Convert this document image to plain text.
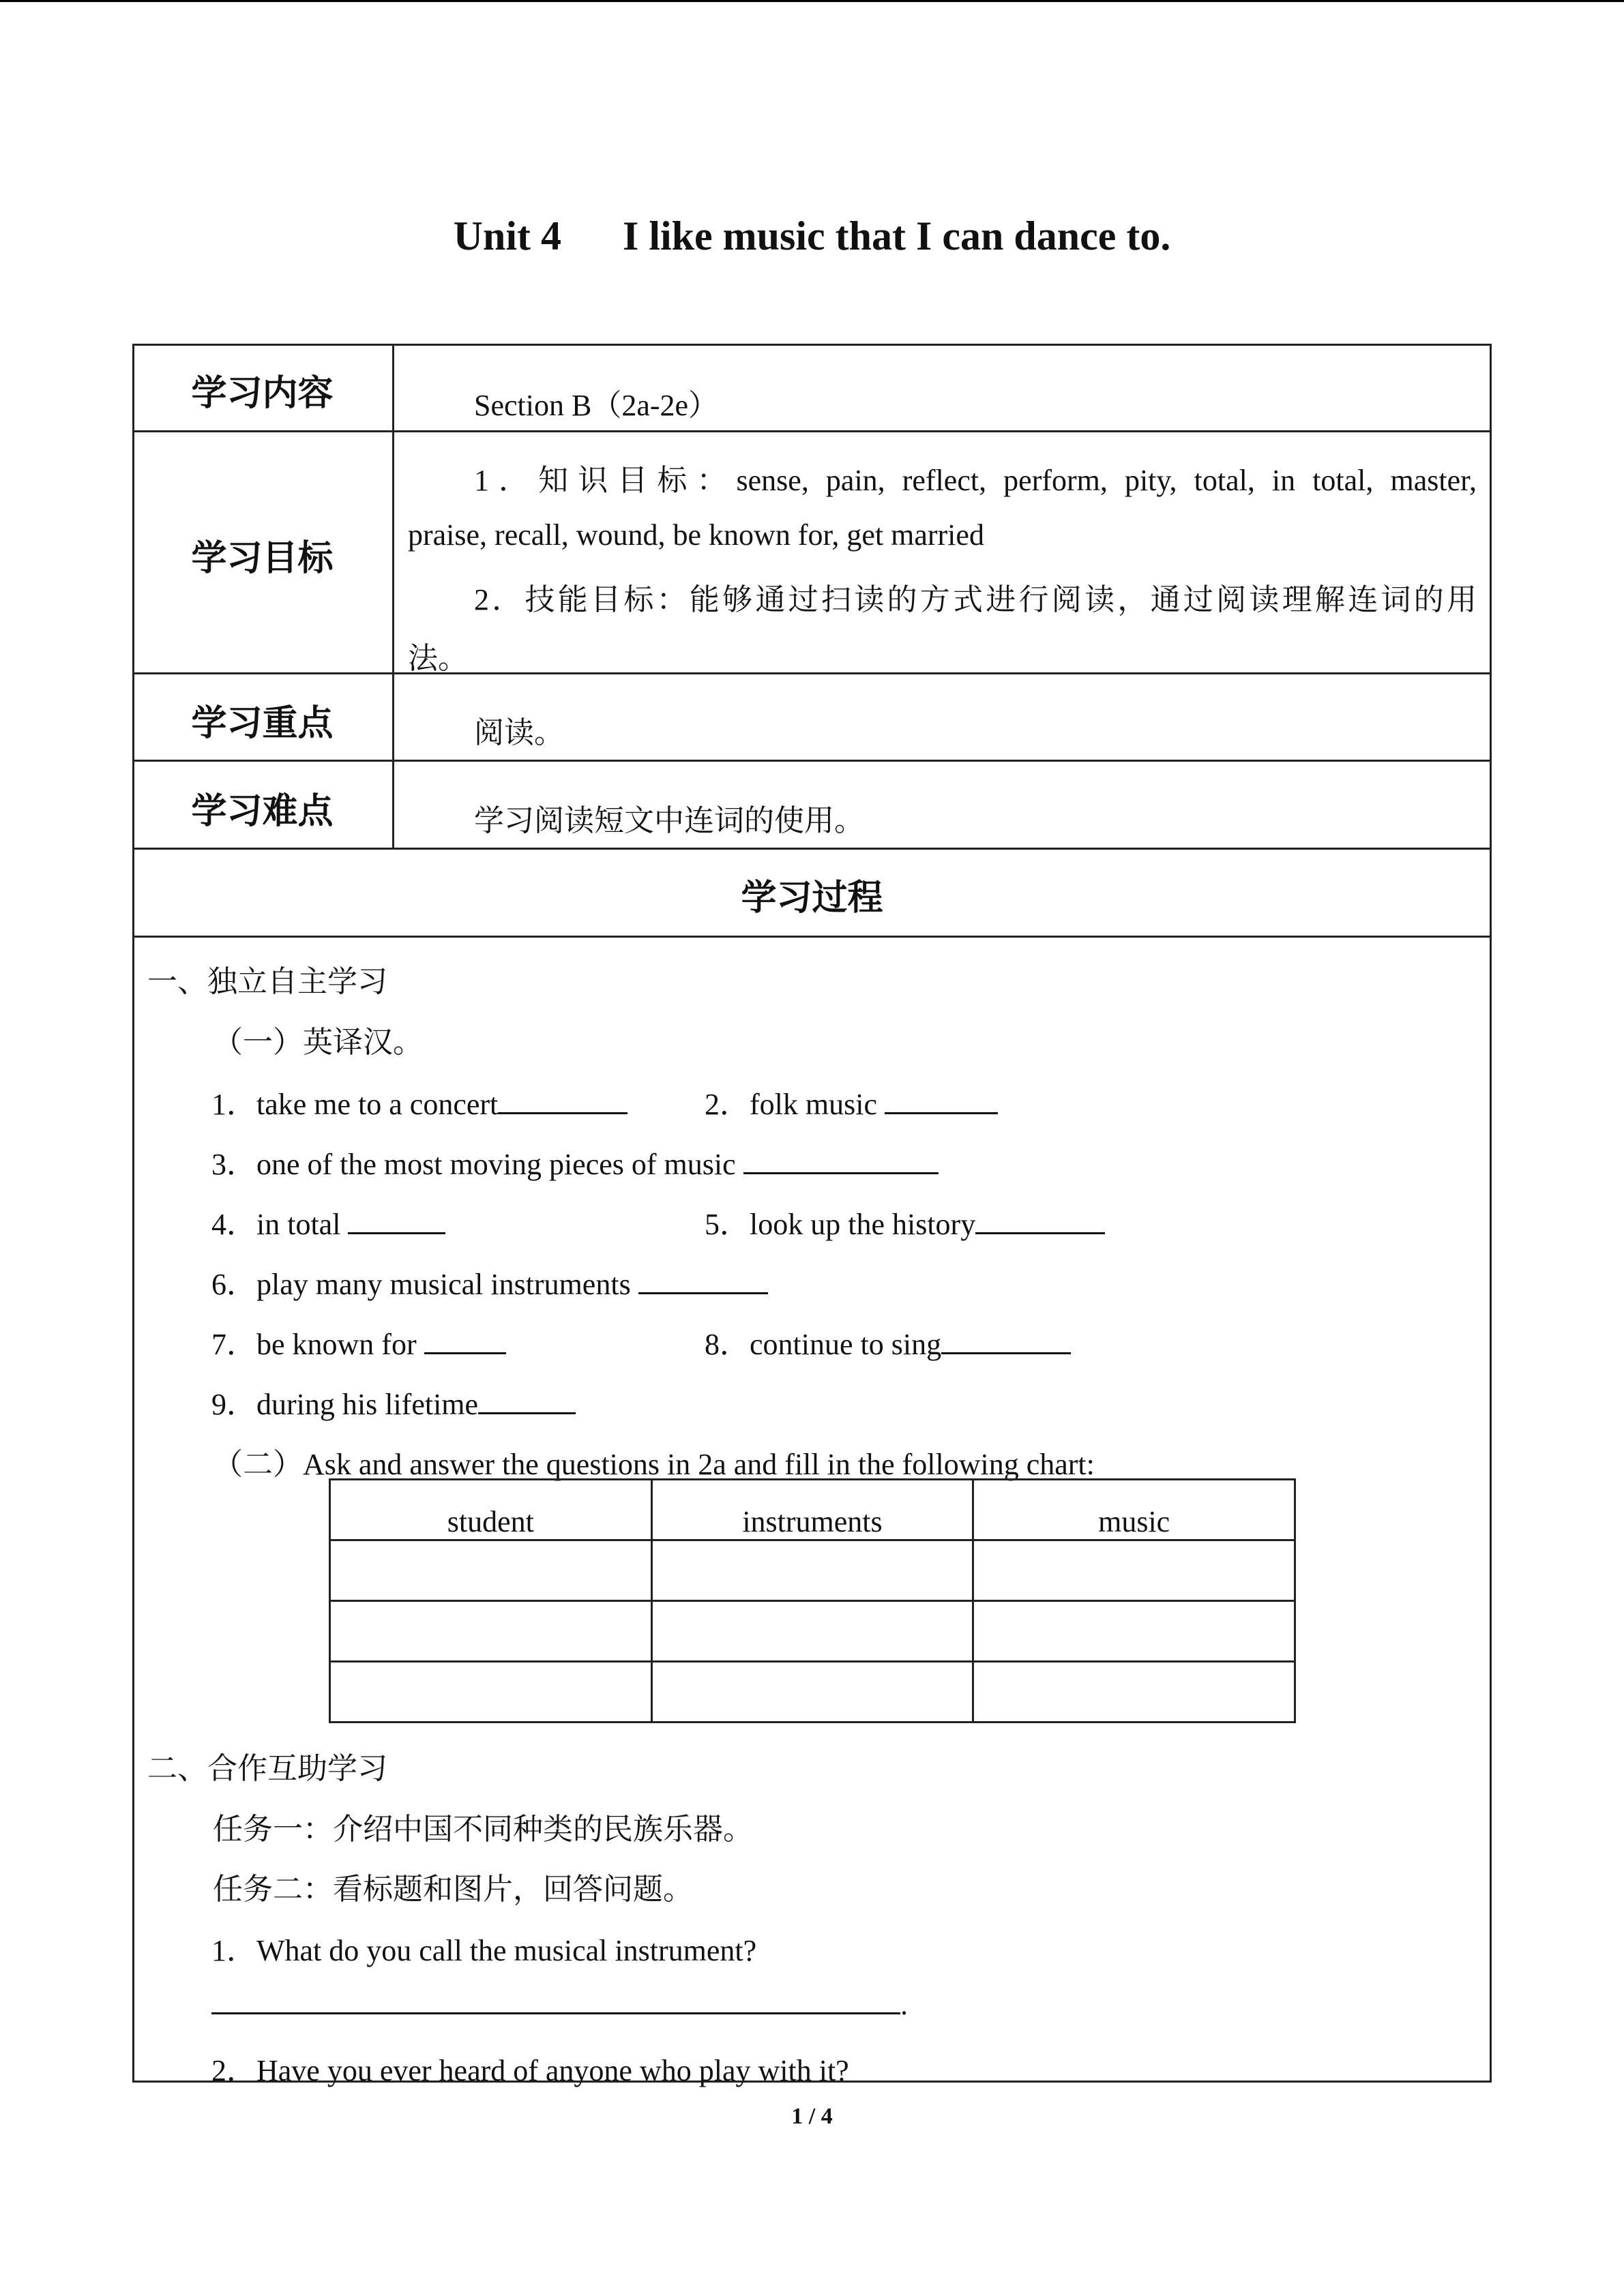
Unit 4      I like music that I can dance to.
学习内容	Section B（2a-2e）
学习目标
1．知识目标：sense, pain, reflect, perform, pity, total, in total, master,
praise, recall, wound, be known for, get married
2．技能目标：能够通过扫读的方式进行阅读，通过阅读理解连词的用
法。
学习重点	阅读。
学习难点	学习阅读短文中连词的使用。
学习过程
一、独立自主学习
（一）英译汉。
1．take me to a concert	2．folk music
3．one of the most moving pieces of music
4．in total	5．look up the history
6．play many musical instruments
7．be known for	8．continue to sing
9．during his lifetime
（二）Ask and answer the questions in 2a and fill in the following chart:
student	instruments	music

二、合作互助学习
任务一：介绍中国不同种类的民族乐器。
任务二：看标题和图片，回答问题。
1．What do you call the musical instrument?
.
2．Have you ever heard of anyone who play with it?
1 / 4
